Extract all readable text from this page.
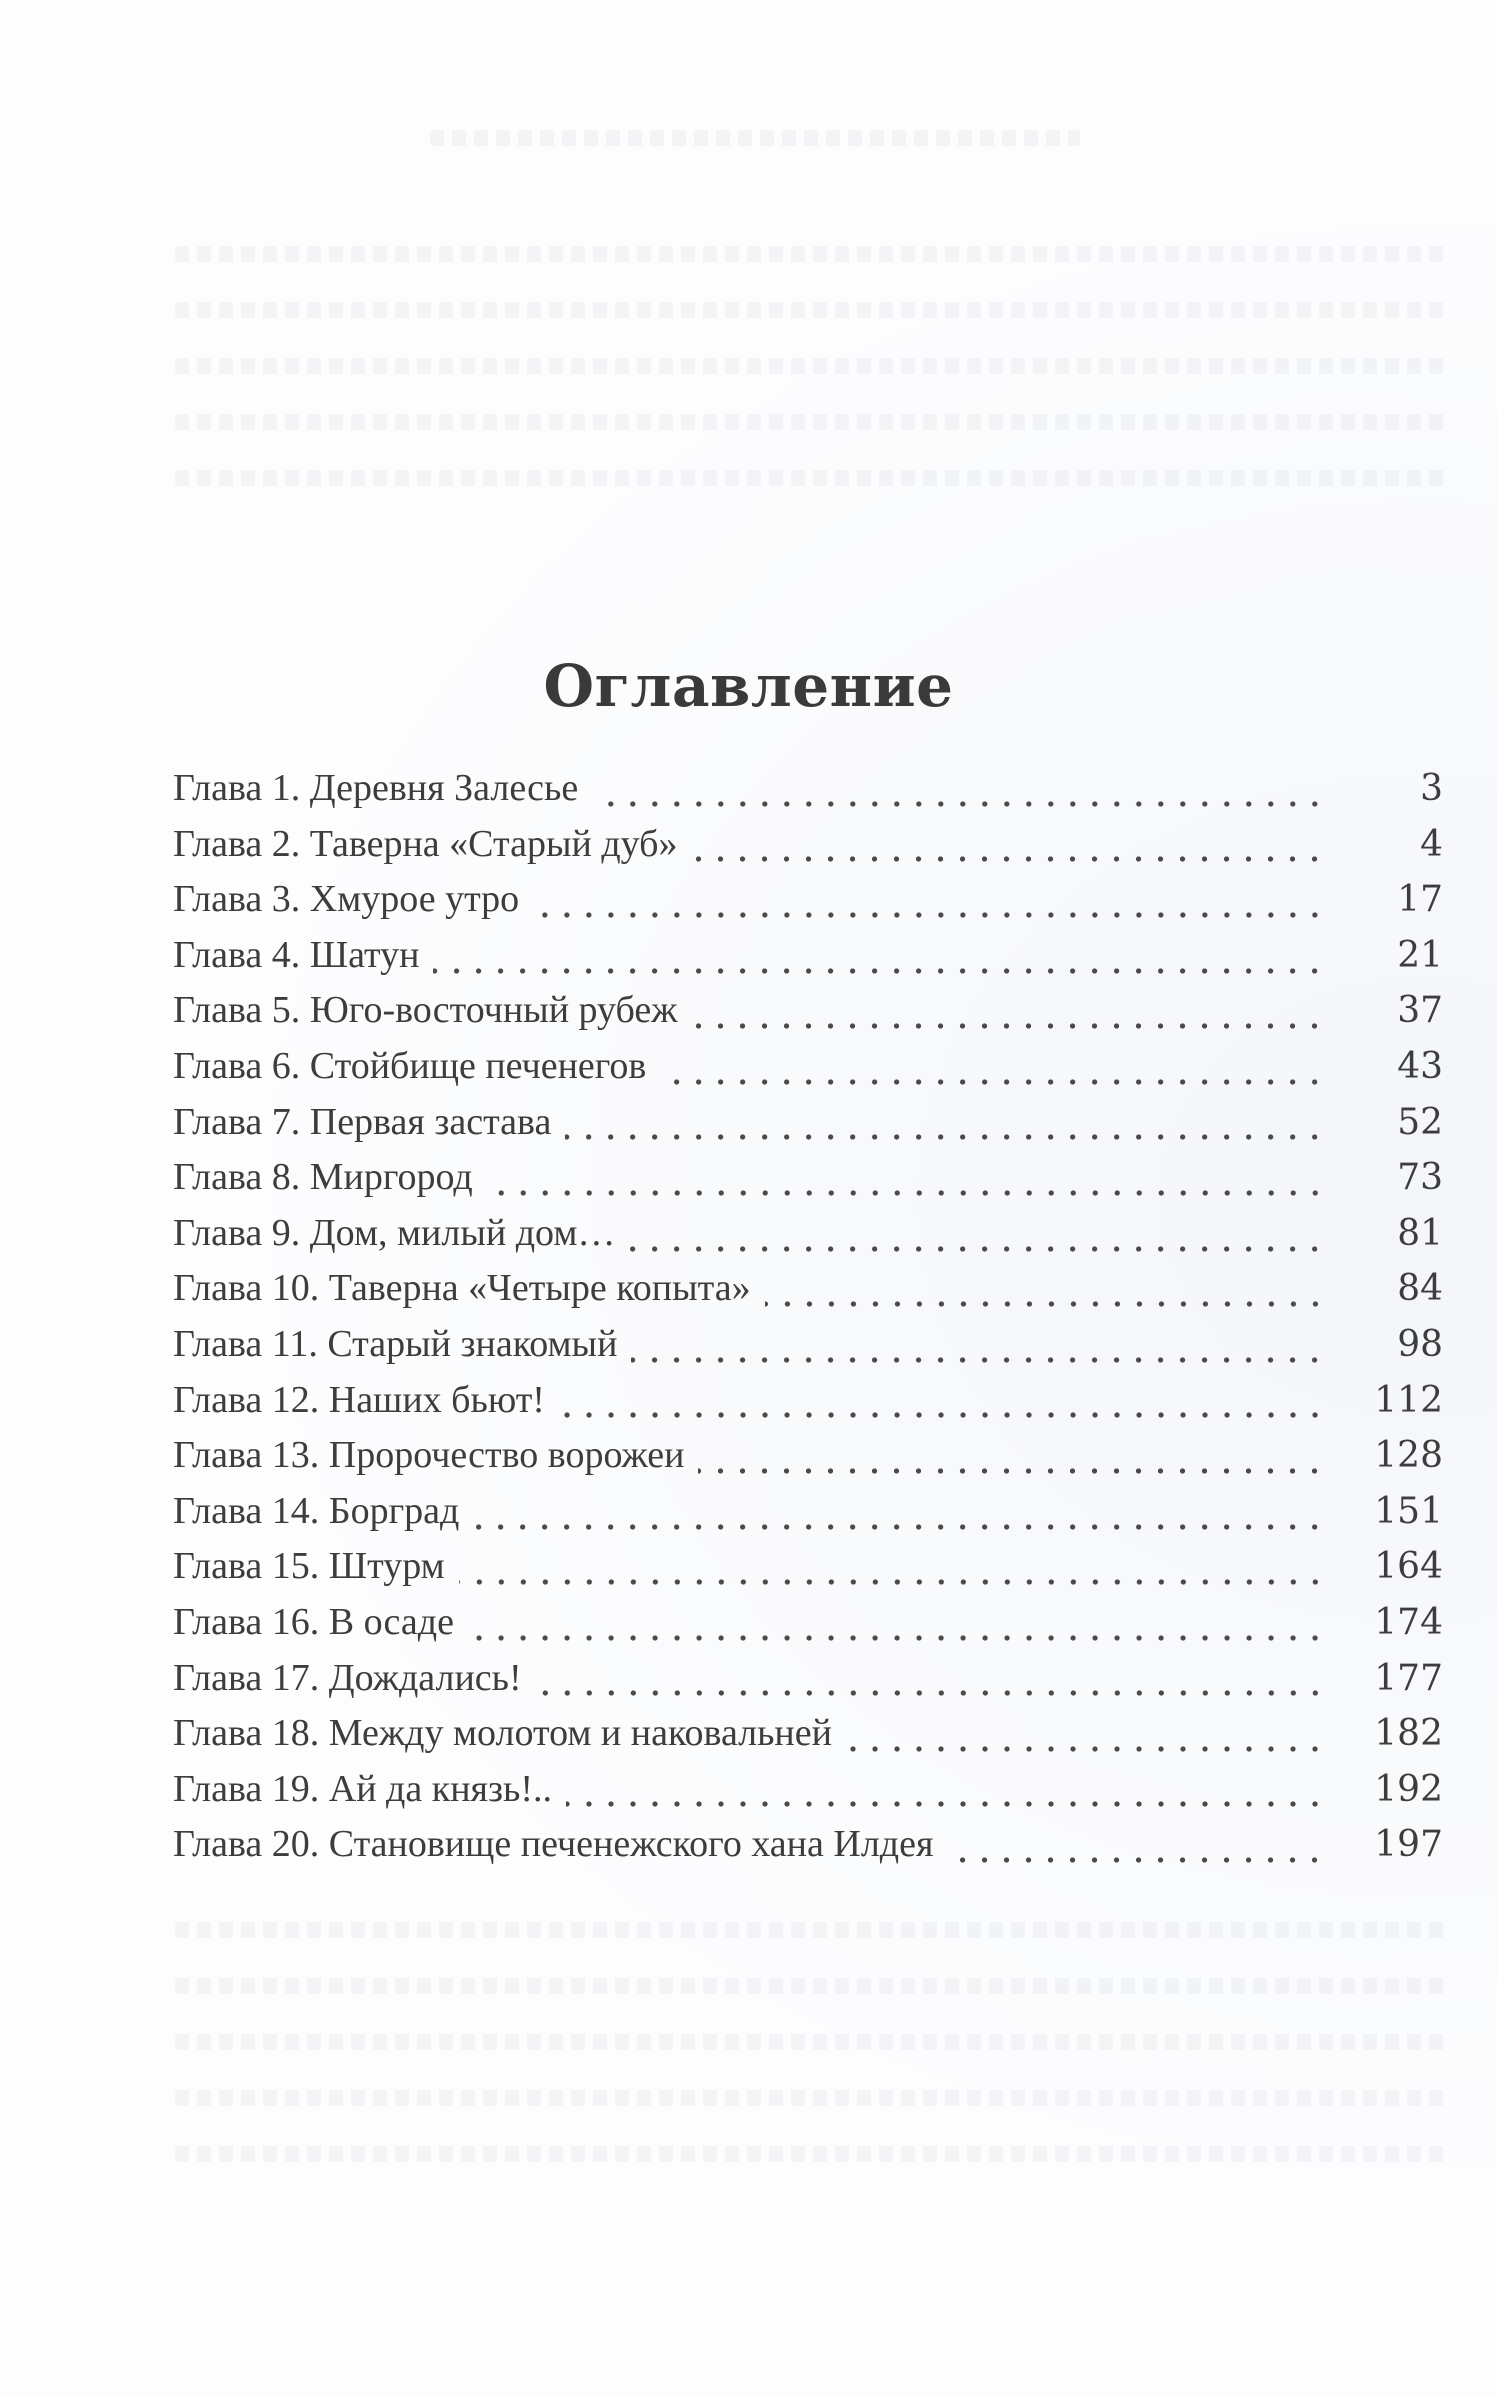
Оглавление
Глава 1. Деревня Залесье	3
Глава 2. Таверна «Старый дуб»	4
Глава 3. Хмурое утро	17
Глава 4. Шатун	21
Глава 5. Юго-восточный рубеж	37
Глава 6. Стойбище печенегов	43
Глава 7. Первая застава	52
Глава 8. Миргород	73
Глава 9. Дом, милый дом…	81
Глава 10. Таверна «Четыре копыта»	84
Глава 11. Старый знакомый	98
Глава 12. Наших бьют!	112
Глава 13. Пророчество ворожеи	128
Глава 14. Борград	151
Глава 15. Штурм	164
Глава 16. В осаде	174
Глава 17. Дождались!	177
Глава 18. Между молотом и наковальней	182
Глава 19. Ай да князь!..	192
Глава 20. Становище печенежского хана Илдея	197
